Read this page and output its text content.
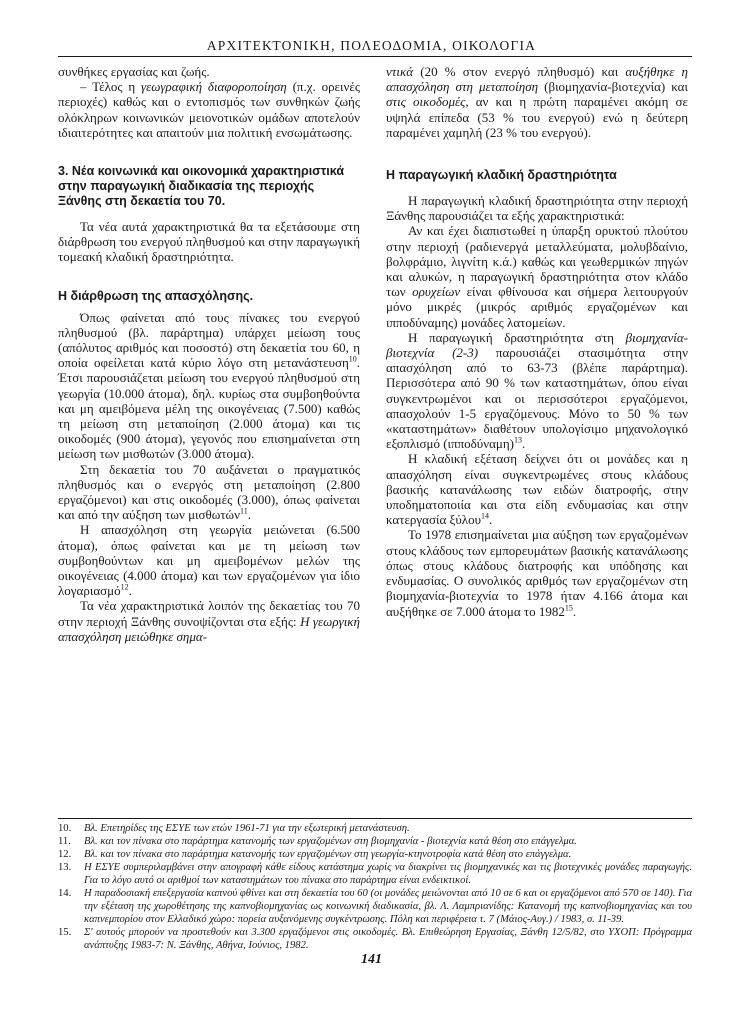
ΑΡΧΙΤΕΚΤΟΝΙΚΗ, ΠΟΛΕΟΔΟΜΙΑ, ΟΙΚΟΛΟΓΙΑ

συνθήκες εργασίας και ζωής.

– Τέλος η γεωγραφική διαφοροποίηση (π.χ. ορεινές περιοχές) καθώς και ο εντοπισμός των συνθηκών ζωής ολόκληρων κοινωνικών μειονοτικών ομάδων αποτελούν ιδιαιτερότητες και απαιτούν μια πολιτική ενσωμάτωσης.

3. Νέα κοινωνικά και οικονομικά χαρακτηριστικά στην παραγωγική διαδικασία της περιοχής Ξάνθης στη δεκαετία του 70.

Τα νέα αυτά χαρακτηριστικά θα τα εξετάσουμε στη διάρθρωση του ενεργού πληθυσμού και στην παραγωγική τομεακή κλαδική δραστηριότητα.

Η διάρθρωση της απασχόλησης.

Όπως φαίνεται από τους πίνακες του ενεργού πληθυσμού (βλ. παράρτημα) υπάρχει μείωση τους (απόλυτος αριθμός και ποσοστό) στη δεκαετία του 60, η οποία οφείλεται κατά κύριο λόγο στη μετανάστευση$^{10}$. Έτσι παρουσιάζεται μείωση του ενεργού πληθυσμού στη γεωργία (10.000 άτομα), δηλ. κυρίως στα συμβοηθούντα και μη αμειβόμενα μέλη της οικογένειας (7.500) καθώς τη μείωση στη μεταποίηση (2.000 άτομα) και τις οικοδομές (900 άτομα), γεγονός που επισημαίνεται στη μείωση των μισθωτών (3.000 άτομα).

Στη δεκαετία του 70 αυξάνεται ο πραγματικός πληθυσμός και ο ενεργός στη μεταποίηση (2.800 εργαζόμενοι) και στις οικοδομές (3.000), όπως φαίνεται και από την αύξηση των μισθωτών$^{11}$.

Η απασχόληση στη γεωργία μειώνεται (6.500 άτομα), όπως φαίνεται και με τη μείωση των συμβοηθούντων και μη αμειβομένων μελών της οικογένειας (4.000 άτομα) και των εργαζομένων για ίδιο λογαριασμό$^{12}$.

Τα νέα χαρακτηριστικά λοιπόν της δεκαετίας του 70 στην περιοχή Ξάνθης συνοψίζονται στα εξής: Η γεωργική απασχόληση μειώθηκε σημα-

ντικά (20 % στον ενεργό πληθυσμό) και αυξήθηκε η απασχόληση στη μεταποίηση (βιομηχανία-βιοτεχνία) και στις οικοδομές, αν και η πρώτη παραμένει ακόμη σε υψηλά επίπεδα (53 % του ενεργού) ενώ η δεύτερη παραμένει χαμηλή (23 % του ενεργού).

Η παραγωγική κλαδική δραστηριότητα

Η παραγωγική κλαδική δραστηριότητα στην περιοχή Ξάνθης παρουσιάζει τα εξής χαρακτηριστικά:

Αν και έχει διαπιστωθεί η ύπαρξη ορυκτού πλούτου στην περιοχή (ραδιενεργά μεταλλεύματα, μολυβδαίνιο, βολφράμιο, λιγνίτη κ.ά.) καθώς και γεωθερμικών πηγών και αλυκών, η παραγωγική δραστηριότητα στον κλάδο των ορυχείων είναι φθίνουσα και σήμερα λειτουργούν μόνο μικρές (μικρός αριθμός εργαζομένων και ιπποδύναμης) μονάδες λατομείων.

Η παραγωγική δραστηριότητα στη βιομηχανία-βιοτεχνία (2-3) παρουσιάζει στασιμότητα στην απασχόληση από το 63-73 (βλέπε παράρτημα). Περισσότερα από 90 % των καταστημάτων, όπου είναι συγκεντρωμένοι και οι περισσότεροι εργαζόμενοι, απασχολούν 1-5 εργαζόμενους. Μόνο το 50 % των «καταστημάτων» διαθέτουν υπολογίσιμο μηχανολογικό εξοπλισμό $(\iota\pi\pi o\delta ύ\nu\alpha\mu\eta)^{13}$.

Η κλαδική εξέταση δείχνει ότι οι μονάδες και η απασχόληση είναι συγκεντρωμένες στους κλάδους βασικής κατανάλωσης των ειδών διατροφής, στην υποδηματοποιία και στα είδη ενδυμασίας και στην κατεργασία ξύλου$^{14}$.

Το 1978 επισημαίνεται μια αύξηση των εργαζομένων στους κλάδους των εμπορευμάτων βασικής κατανάλωσης όπως στους κλάδους διατροφής και υπόδησης και ενδυμασίας. Ο συνολικός αριθμός των εργαζομένων στη βιομηχανία-βιοτεχνία το 1978 ήταν 4.166 άτομα και αυξήθηκε σε 7.000 άτομα το 1982$^{15}$.

10.	Βλ. Επετηρίδες της ΕΣΥΕ των ετών 1961-71 για την εξωτερική μετανάστευση.
11.	Βλ. και τον πίνακα στο παράρτημα κατανομής των εργαζομένων στη βιομηχανία - βιοτεχνία κατά θέση στο επάγγελμα.
12.	Βλ. και τον πίνακα στο παράρτημα κατανομής των εργαζομένων στη γεωργία-κτηνοτροφία κατά θέση στο επάγγελμα.
13.	Η ΕΣΥΕ συμπεριλαμβάνει στην απογραφή κάθε είδους κατάστημα χωρίς να διακρίνει τις βιομηχανικές και τις βιοτεχνικές μονάδες παραγωγής. Για το λόγο αυτό οι αριθμοί των καταστημάτων του πίνακα στο παράρτημα είναι ενδεικτικοί.
14.	Η παραδοσιακή επεξεργασία καπνού φθίνει και στη δεκαετία του 60 (οι μονάδες μειώνονται από 10 σε 6 και οι εργαζόμενοι από 570 σε 140). Για την εξέταση της χωροθέτησης της καπνοβιομηχανίας ως κοινωνική διαδικασία, βλ. Λ. Λαμπριανίδης: Κατανομή της καπνοβιομηχανίας και του καπνεμπορίου στον Ελλαδικό χώρο: πορεία αυξανόμενης συγκέντρωσης. Πόλη και περιφέρεια τ. 7 (Μάιος-Αυγ.) / 1983, σ. 11-39.
15.	Σ' αυτούς μπορούν να προστεθούν και 3.300 εργαζόμενοι στις οικοδομές. Βλ. Επιθεώρηση Εργασίας, Ξάνθη 12/5/82, στο ΥΧΟΠ: Πρόγραμμα ανάπτυξης 1983-7: Ν. Ξάνθης, Αθήνα, Ιούνιος, 1982.
141
